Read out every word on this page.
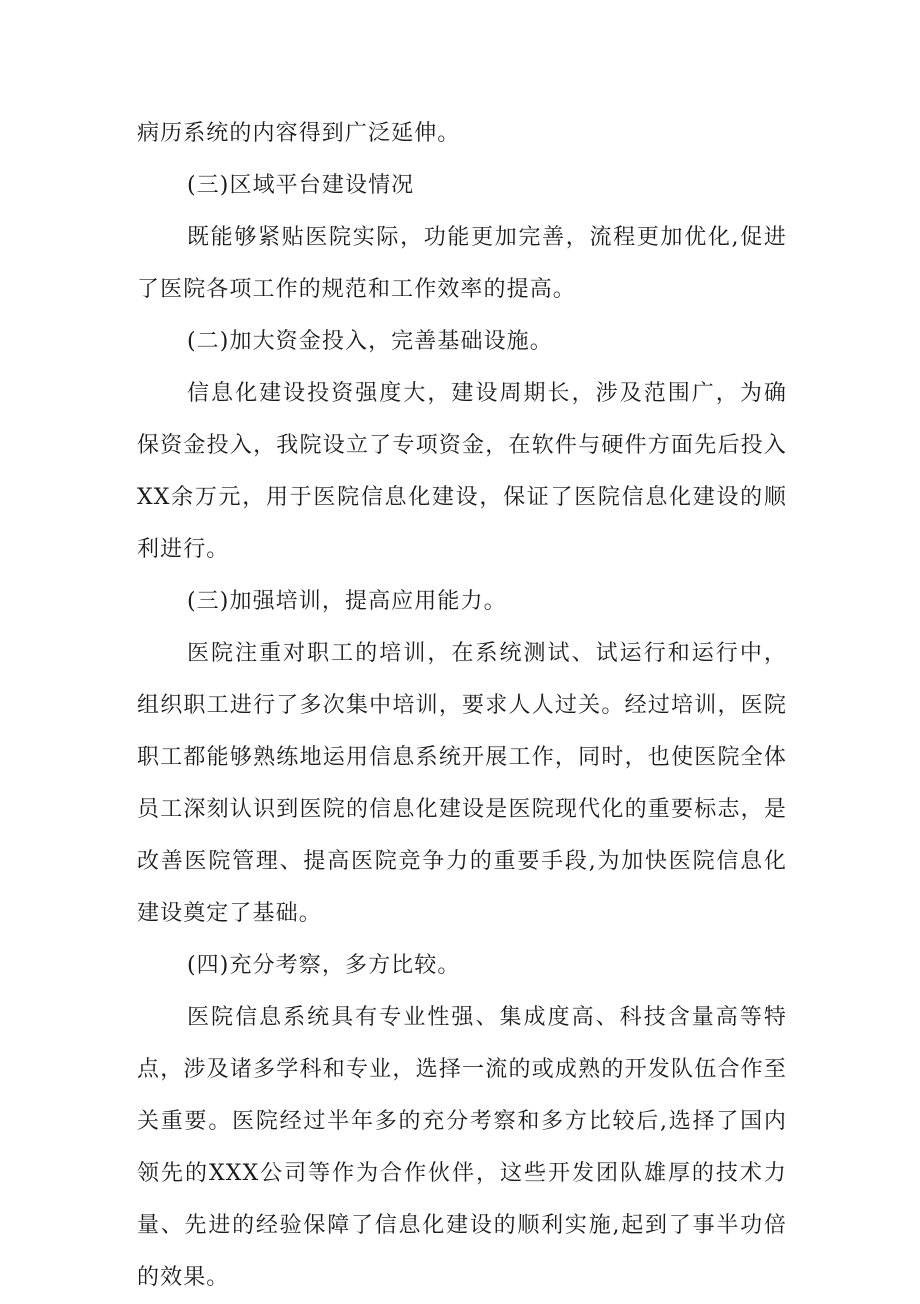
病历系统的内容得到广泛延伸。

(三)区域平台建设情况

既能够紧贴医院实际，功能更加完善，流程更加优化,促进了医院各项工作的规范和工作效率的提高。

(二)加大资金投入，完善基础设施。

信息化建设投资强度大，建设周期长，涉及范围广，为确保资金投入，我院设立了专项资金，在软件与硬件方面先后投入XX余万元，用于医院信息化建设，保证了医院信息化建设的顺利进行。

(三)加强培训，提高应用能力。

医院注重对职工的培训，在系统测试、试运行和运行中，组织职工进行了多次集中培训，要求人人过关。经过培训，医院职工都能够熟练地运用信息系统开展工作，同时，也使医院全体员工深刻认识到医院的信息化建设是医院现代化的重要标志，是改善医院管理、提高医院竞争力的重要手段,为加快医院信息化建设奠定了基础。

(四)充分考察，多方比较。

医院信息系统具有专业性强、集成度高、科技含量高等特点，涉及诸多学科和专业，选择一流的或成熟的开发队伍合作至关重要。医院经过半年多的充分考察和多方比较后,选择了国内领先的XXX公司等作为合作伙伴，这些开发团队雄厚的技术力量、先进的经验保障了信息化建设的顺利实施,起到了事半功倍的效果。
